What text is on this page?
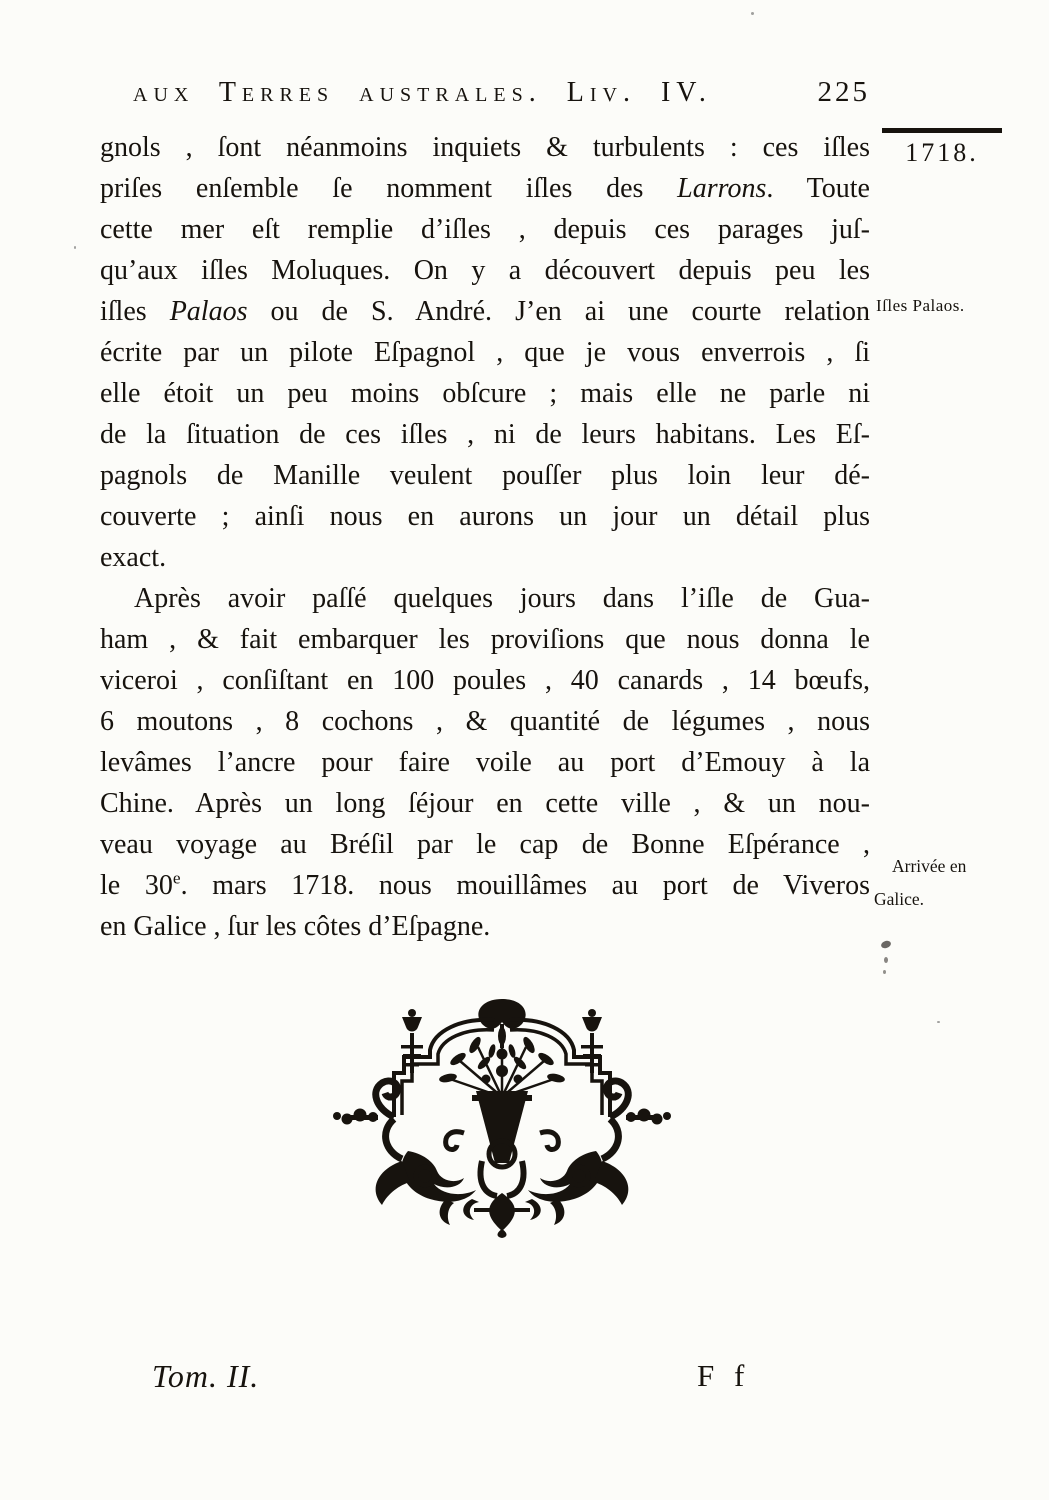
aux Terres australes. Liv. IV.	225
1718.
Iſles Palaos.
Arrivée en
Galice.
gnols , ſont néanmoins inquiets & turbulents : ces iſles
priſes enſemble ſe nomment iſles des Larrons. Toute
cette mer eſt remplie d’iſles , depuis ces parages juſ-
qu’aux iſles Moluques. On y a découvert depuis peu les
iſles Palaos ou de S. André. J’en ai une courte relation
écrite par un pilote Eſpagnol , que je vous enverrois , ſi
elle étoit un peu moins obſcure ; mais elle ne parle ni
de la ſituation de ces iſles , ni de leurs habitans. Les Eſ-
pagnols de Manille veulent pouſſer plus loin leur dé-
couverte ; ainſi nous en aurons un jour un détail plus
exact.
Après avoir paſſé quelques jours dans l’iſle de Gua-
ham , & fait embarquer les proviſions que nous donna le
viceroi , conſiſtant en 100 poules , 40 canards , 14 bœufs,
6 moutons , 8 cochons , & quantité de légumes , nous
levâmes l’ancre pour faire voile au port d’Emouy à la
Chine. Après un long ſéjour en cette ville , & un nou-
veau voyage au Bréſil par le cap de Bonne Eſpérance ,
le 30e. mars 1718. nous mouillâmes au port de Viveros
en Galice , ſur les côtes d’Eſpagne.
Tom. II.	F f
